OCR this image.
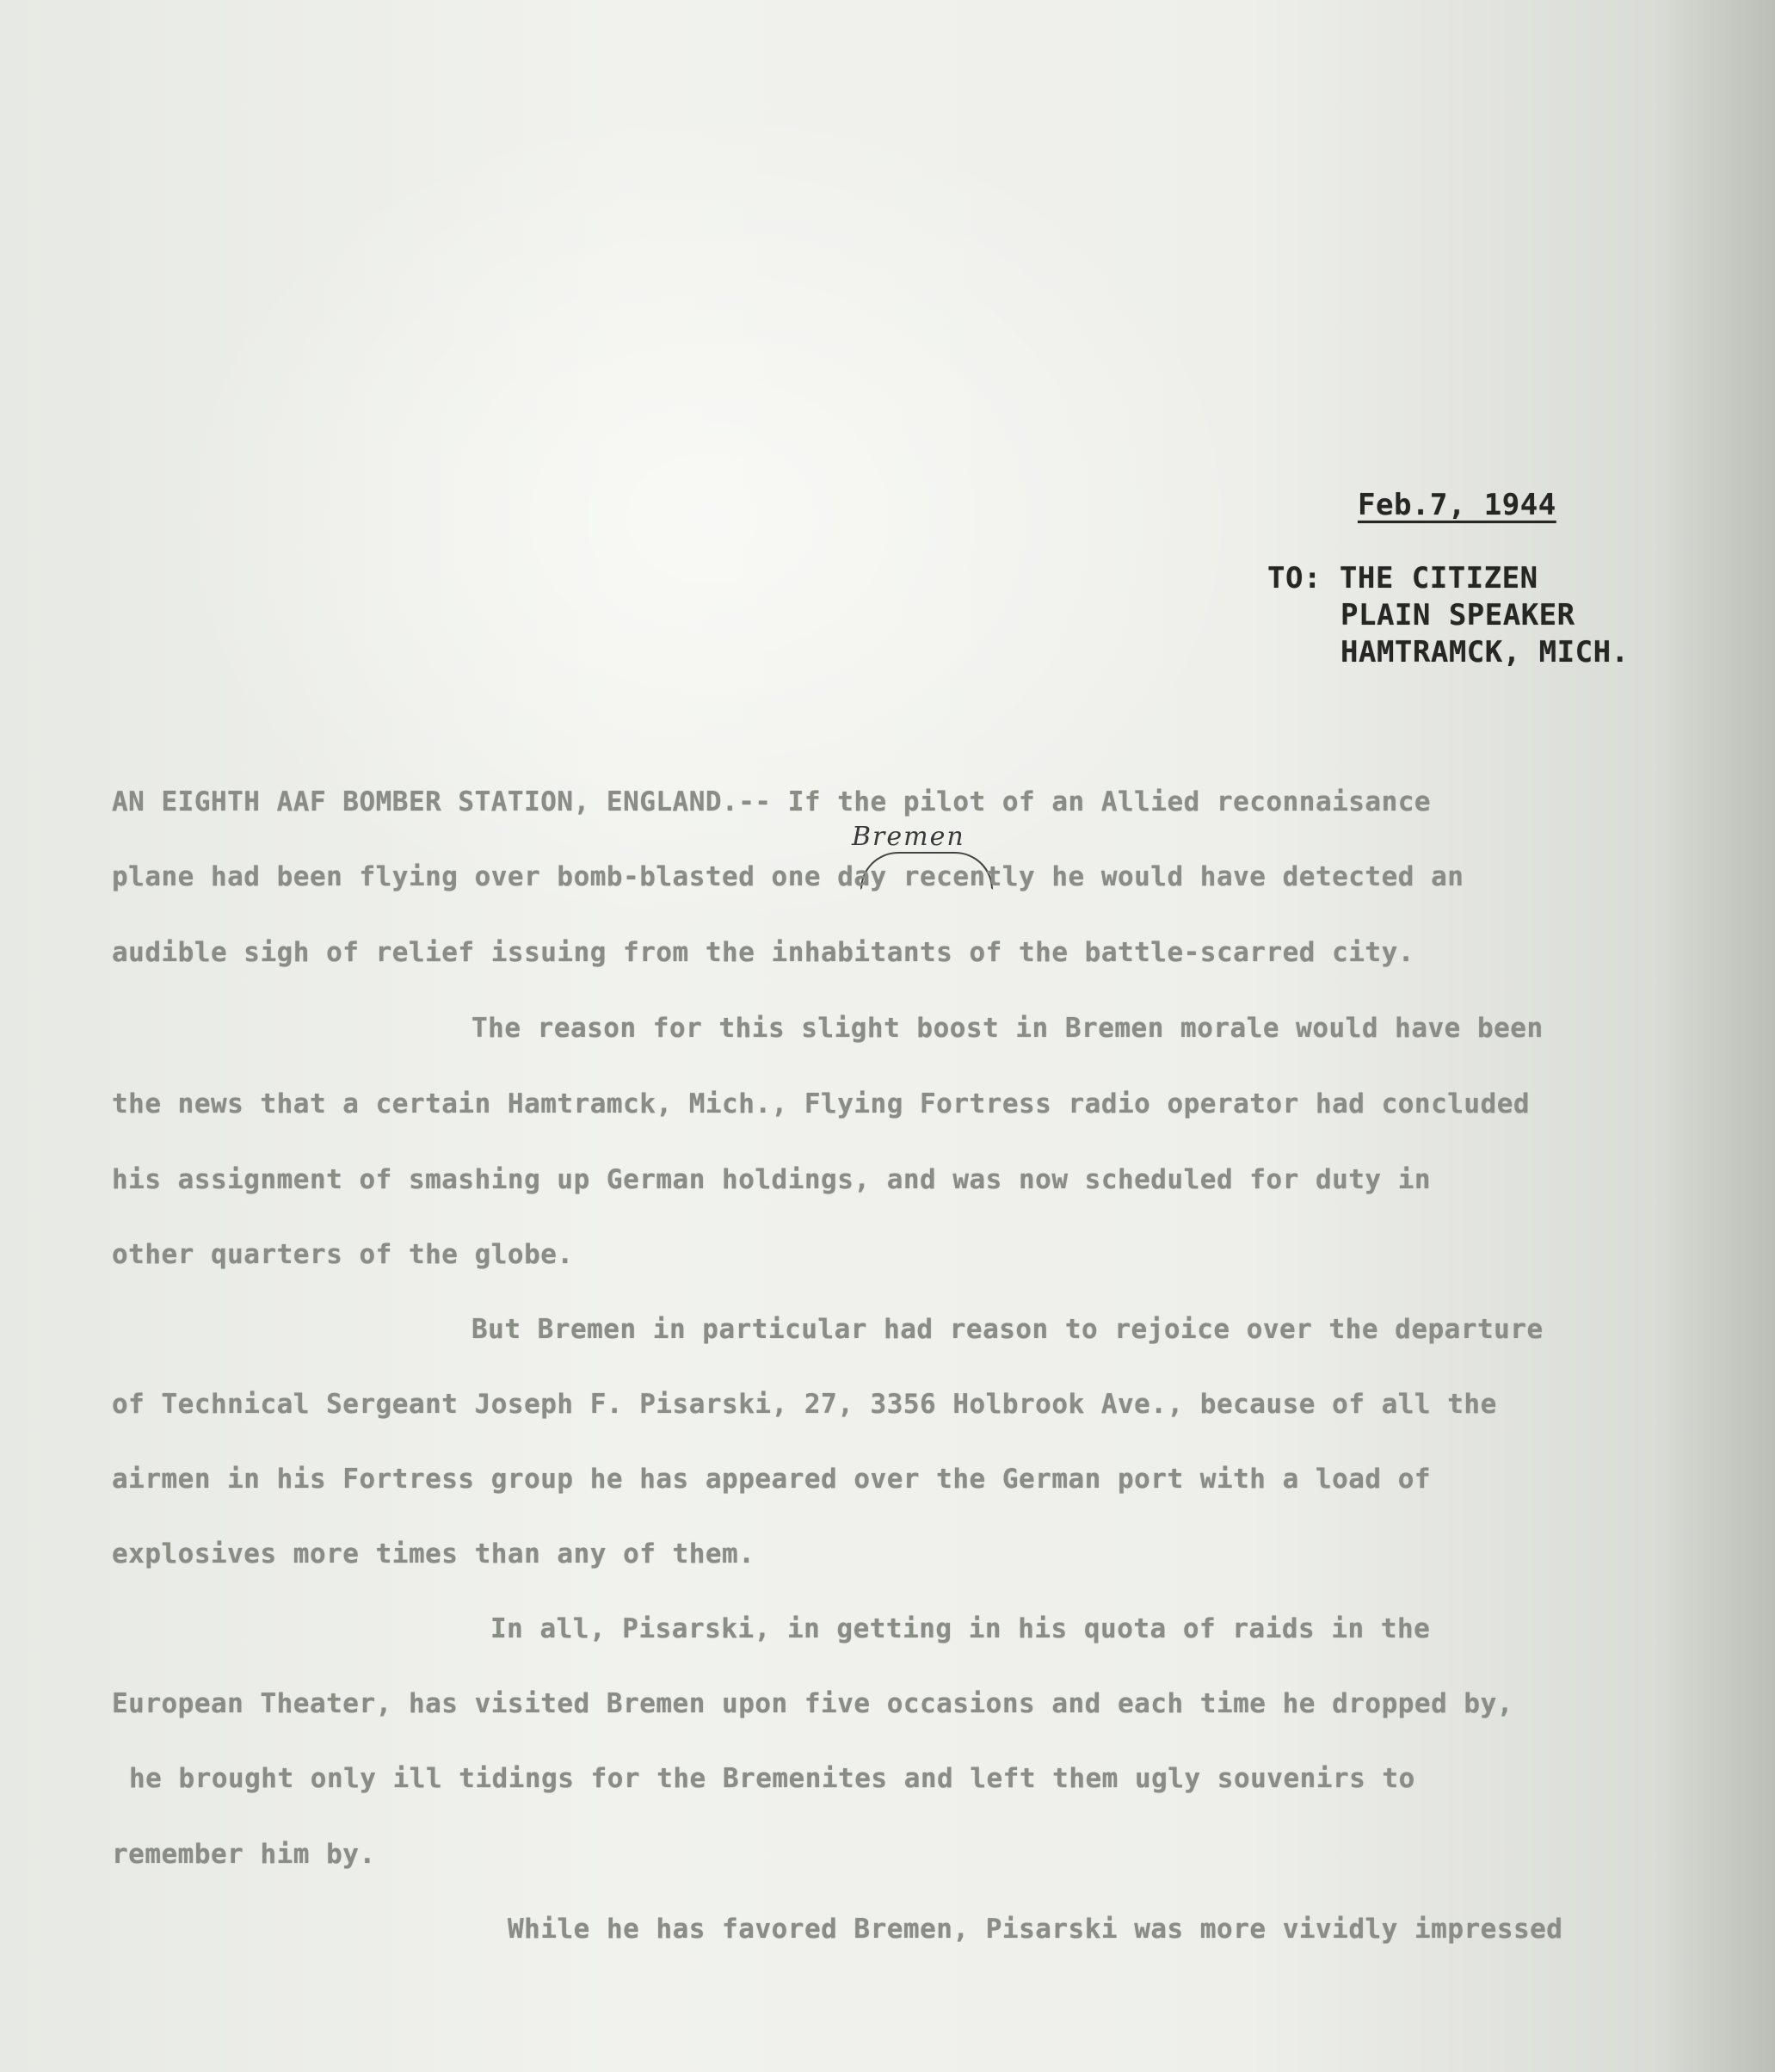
Feb.7, 1944
TO: THE CITIZEN
PLAIN SPEAKER
HAMTRAMCK, MICH.
Bremen
AN EIGHTH AAF BOMBER STATION, ENGLAND.-- If the pilot of an Allied reconnaisance
plane had been flying over bomb-blasted one day recently he would have detected an
audible sigh of relief issuing from the inhabitants of the battle-scarred city.
The reason for this slight boost in Bremen morale would have been
the news that a certain Hamtramck, Mich., Flying Fortress radio operator had concluded
his assignment of smashing up German holdings, and was now scheduled for duty in
other quarters of the globe.
But Bremen in particular had reason to rejoice over the departure
of Technical Sergeant Joseph F. Pisarski, 27, 3356 Holbrook Ave., because of all the
airmen in his Fortress group he has appeared over the German port with a load of
explosives more times than any of them.
In all, Pisarski, in getting in his quota of raids in the
European Theater, has visited Bremen upon five occasions and each time he dropped by,
he brought only ill tidings for the Bremenites and left them ugly souvenirs to
remember him by.
While he has favored Bremen, Pisarski was more vividly impressed
